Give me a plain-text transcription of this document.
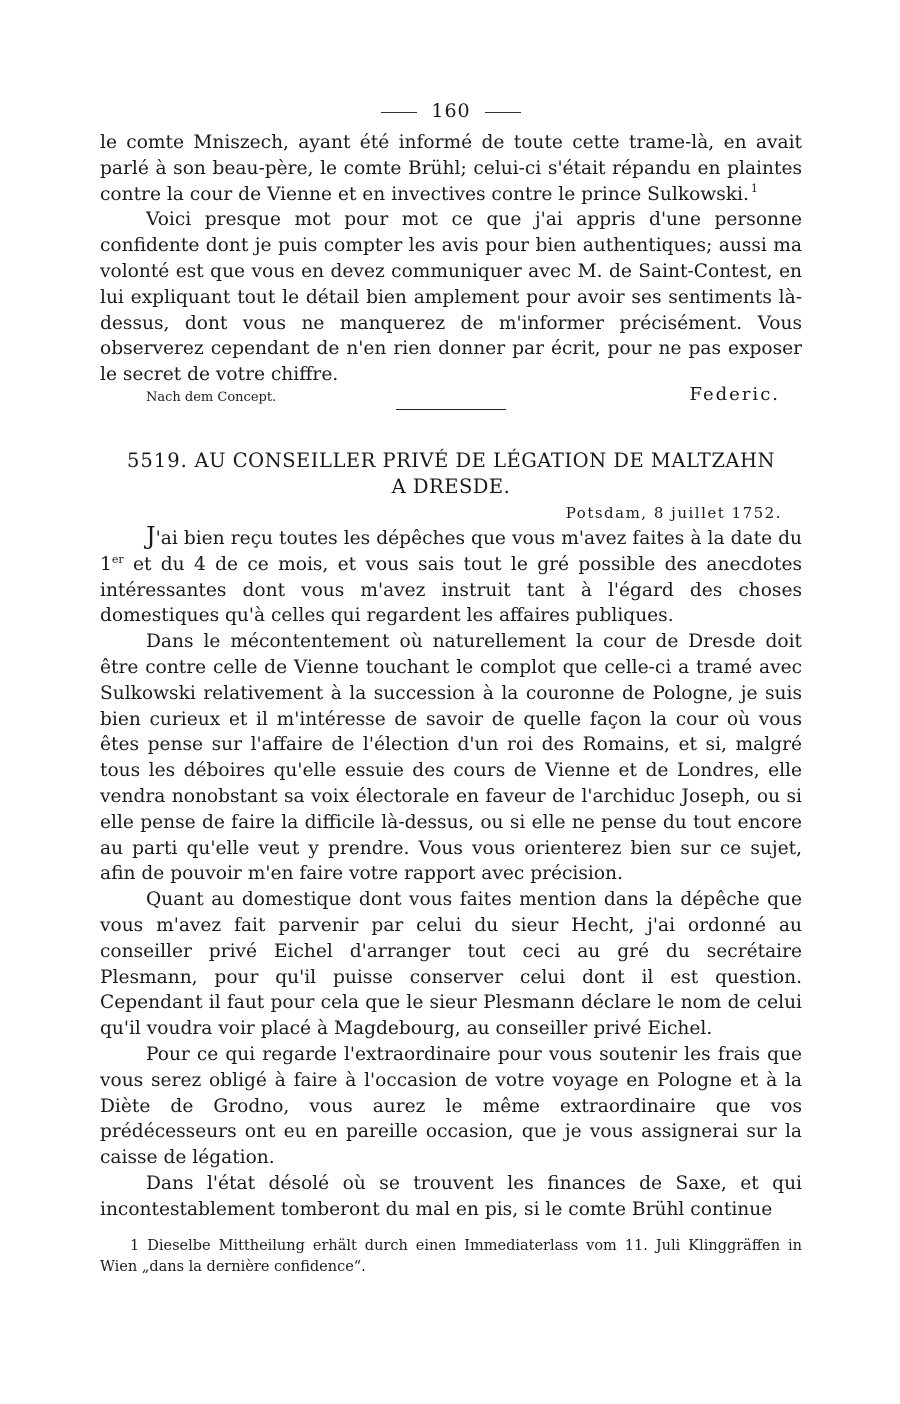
160

le comte Mniszech, ayant été informé de toute cette trame-là, en avait parlé à son beau-père, le comte Brühl; celui-ci s'était répandu en plaintes contre la cour de Vienne et en invectives contre le prince Sulkowski. $^1$

Voici presque mot pour mot ce que j'ai appris d'une personne confidente dont je puis compter les avis pour bien authentiques; aussi ma volonté est que vous en devez communiquer avec M. de Saint-Contest, en lui expliquant tout le détail bien amplement pour avoir ses sentiments là-dessus, dont vous ne manquerez de m'informer précisément. Vous observerez cependant de n'en rien donner par écrit, pour ne pas exposer le secret de votre chiffre.

Nach dem Concept.	Federic.
5519. AU CONSEILLER PRIVÉ DE LÉGATION DE MALTZAHN
A DRESDE.
Potsdam, 8 juillet 1752.

J'ai bien reçu toutes les dépêches que vous m'avez faites à la date du 1er et du 4 de ce mois, et vous sais tout le gré possible des anecdotes intéressantes dont vous m'avez instruit tant à l'égard des choses domestiques qu'à celles qui regardent les affaires publiques.

Dans le mécontentement où naturellement la cour de Dresde doit être contre celle de Vienne touchant le complot que celle-ci a tramé avec Sulkowski relativement à la succession à la couronne de Pologne, je suis bien curieux et il m'intéresse de savoir de quelle façon la cour où vous êtes pense sur l'affaire de l'élection d'un roi des Romains, et si, malgré tous les déboires qu'elle essuie des cours de Vienne et de Londres, elle vendra nonobstant sa voix électorale en faveur de l'archiduc Joseph, ou si elle pense de faire la difficile là-dessus, ou si elle ne pense du tout encore au parti qu'elle veut y prendre. Vous vous orienterez bien sur ce sujet, afin de pouvoir m'en faire votre rapport avec précision.

Quant au domestique dont vous faites mention dans la dépêche que vous m'avez fait parvenir par celui du sieur Hecht, j'ai ordonné au conseiller privé Eichel d'arranger tout ceci au gré du secrétaire Plesmann, pour qu'il puisse conserver celui dont il est question. Cependant il faut pour cela que le sieur Plesmann déclare le nom de celui qu'il voudra voir placé à Magdebourg, au conseiller privé Eichel.

Pour ce qui regarde l'extraordinaire pour vous soutenir les frais que vous serez obligé à faire à l'occasion de votre voyage en Pologne et à la Diète de Grodno, vous aurez le même extraordinaire que vos prédécesseurs ont eu en pareille occasion, que je vous assignerai sur la caisse de légation.

Dans l'état désolé où se trouvent les finances de Saxe, et qui incontestablement tomberont du mal en pis, si le comte Brühl continue

1 Dieselbe Mittheilung erhält durch einen Immediaterlass vom 11. Juli Klinggräffen in Wien „dans la dernière confidence“.
